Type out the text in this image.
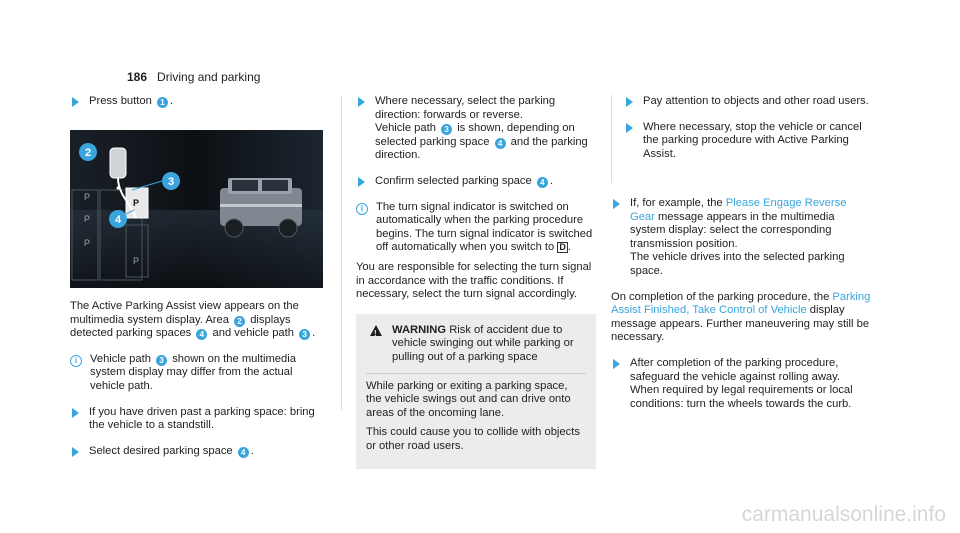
186 Driving and parking
Press button 1 .
P
P
P
P
P
2
3
4
The Active Parking Assist view appears on the multimedia system display. Area 2 displays detected parking spaces 4 and vehicle path 3 .
i	Vehicle path 3 shown on the multimedia system display may differ from the actual vehicle path.
If you have driven past a parking space: bring the vehicle to a standstill.
Select desired parking space 4 .
Where necessary, select the parking direction: forwards or reverse.
Vehicle path 3 is shown, depending on selected parking space 4 and the parking direction.
Confirm selected parking space 4 .
i	The turn signal indicator is switched on automatically when the parking procedure begins. The turn signal indicator is switched off automatically when you switch to D .
You are responsible for selecting the turn signal in accordance with the traffic conditions. If necessary, select the turn signal accordingly.
! WARNING Risk of accident due to vehicle swinging out while parking or pulling out of a parking space

While parking or exiting a parking space, the vehicle swings out and can drive onto areas of the oncoming lane.

This could cause you to collide with objects or other road users.

Pay attention to objects and other road users.
Where necessary, stop the vehicle or cancel the parking procedure with Active Parking Assist.
If, for example, the Please Engage Reverse Gear message appears in the multimedia system display: select the corresponding transmission position.
The vehicle drives into the selected parking space.
On completion of the parking procedure, the Parking Assist Finished, Take Control of Vehicle display message appears. Further maneuvering may still be necessary.
After completion of the parking procedure, safeguard the vehicle against rolling away. When required by legal requirements or local conditions: turn the wheels towards the curb.
carmanualsonline.info
